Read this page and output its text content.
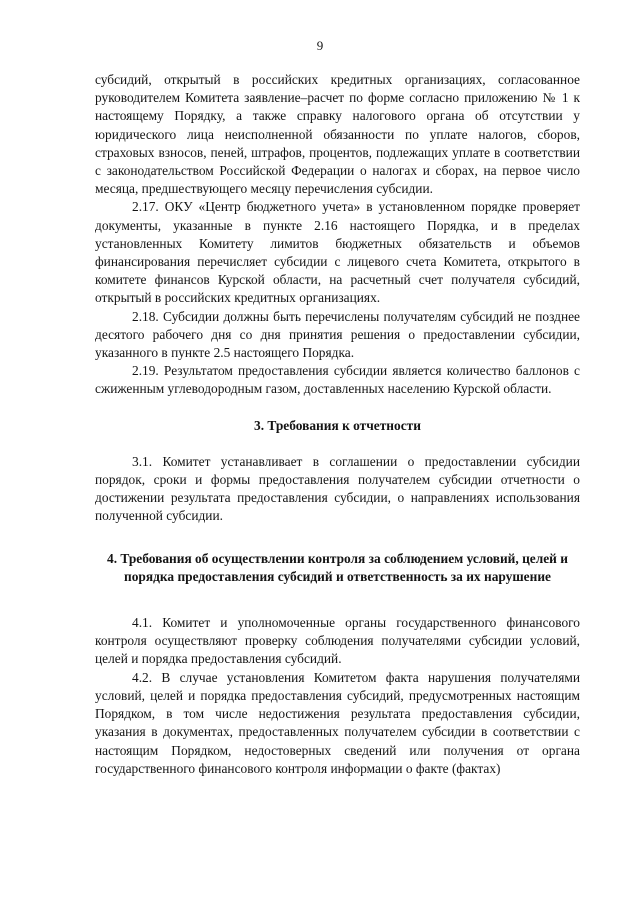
9

субсидий, открытый в российских кредитных организациях, согласованное руководителем Комитета заявление–расчет по форме согласно приложению № 1 к настоящему Порядку, а также справку налогового органа об отсутствии у юридического лица неисполненной обязанности по уплате налогов, сборов, страховых взносов, пеней, штрафов, процентов, подлежащих уплате в соответствии с законодательством Российской Федерации о налогах и сборах, на первое число месяца, предшествующего месяцу перечисления субсидии.

2.17. ОКУ «Центр бюджетного учета» в установленном порядке проверяет документы, указанные в пункте 2.16 настоящего Порядка, и в пределах установленных Комитету лимитов бюджетных обязательств и объемов финансирования перечисляет субсидии с лицевого счета Комитета, открытого в комитете финансов Курской области, на расчетный счет получателя субсидий, открытый в российских кредитных организациях.

2.18. Субсидии должны быть перечислены получателям субсидий не позднее десятого рабочего дня со дня принятия решения о предоставлении субсидии, указанного в пункте 2.5 настоящего Порядка.

2.19. Результатом предоставления субсидии является количество баллонов с сжиженным углеводородным газом, доставленных населению Курской области.

3. Требования к отчетности

3.1. Комитет устанавливает в соглашении о предоставлении субсидии порядок, сроки и формы предоставления получателем субсидии отчетности о достижении результата предоставления субсидии, о направлениях использования полученной субсидии.

4. Требования об осуществлении контроля за соблюдением условий, целей и порядка предоставления субсидий и ответственность за их нарушение

4.1. Комитет и уполномоченные органы государственного финансового контроля осуществляют проверку соблюдения получателями субсидии условий, целей и порядка предоставления субсидий.

4.2. В случае установления Комитетом факта нарушения получателями условий, целей и порядка предоставления субсидий, предусмотренных настоящим Порядком, в том числе недостижения результата предоставления субсидии, указания в документах, предоставленных получателем субсидии в соответствии с настоящим Порядком, недостоверных сведений или получения от органа государственного финансового контроля информации о факте (фактах)
